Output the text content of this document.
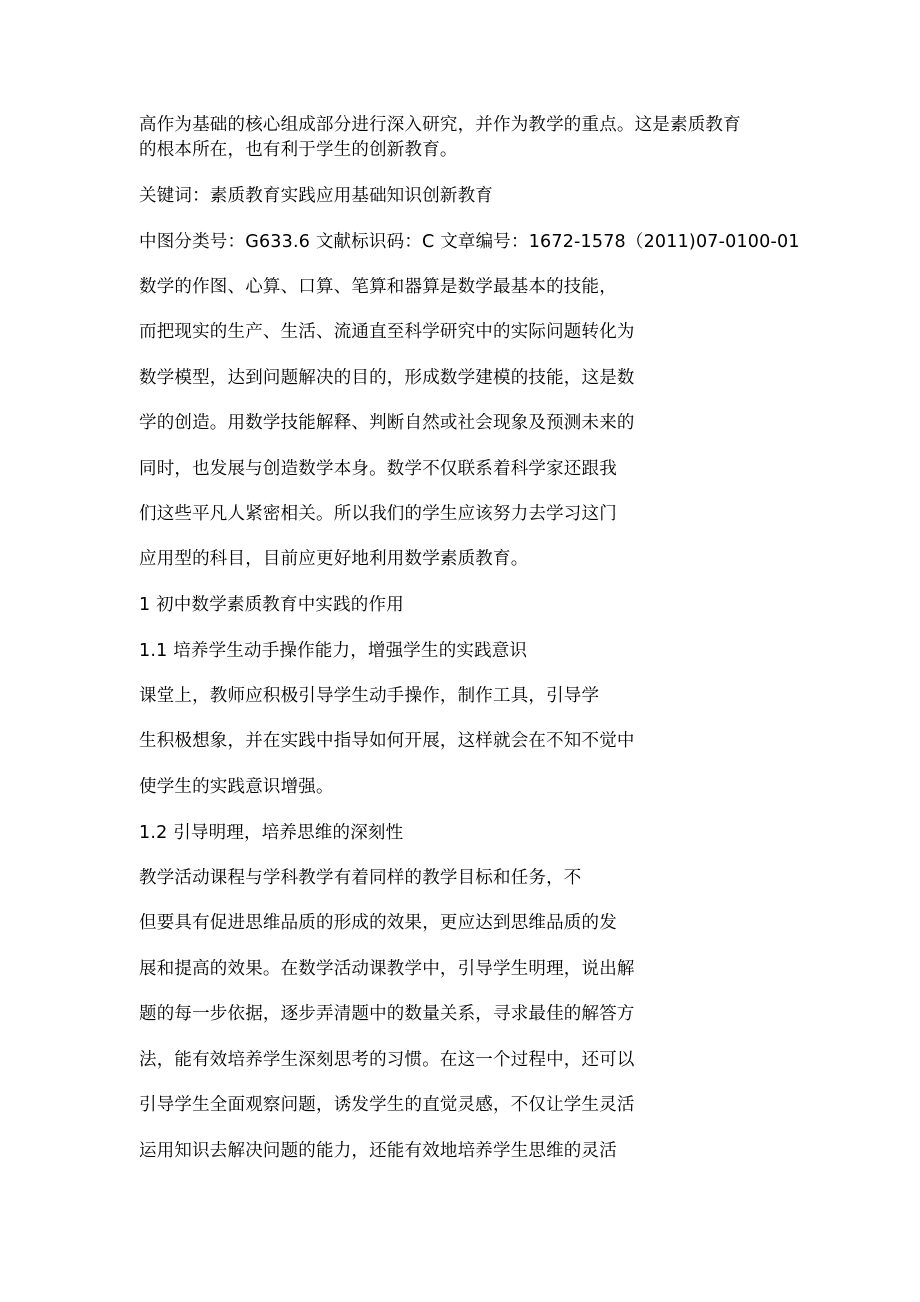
高作为基础的核心组成部分进行深入研究，并作为教学的重点。这是素质教育

的根本所在，也有利于学生的创新教育。

关键词：素质教育实践应用基础知识创新教育

中图分类号：G633.6 文献标识码：C 文章编号：1672-1578（2011)07-0100-01

数学的作图、心算、口算、笔算和器算是数学最基本的技能，

而把现实的生产、生活、流通直至科学研究中的实际问题转化为

数学模型，达到问题解决的目的，形成数学建模的技能，这是数

学的创造。用数学技能解释、判断自然或社会现象及预测未来的

同时，也发展与创造数学本身。数学不仅联系着科学家还跟我

们这些平凡人紧密相关。所以我们的学生应该努力去学习这门

应用型的科目，目前应更好地利用数学素质教育。

1 初中数学素质教育中实践的作用

1.1 培养学生动手操作能力，增强学生的实践意识

课堂上，教师应积极引导学生动手操作，制作工具，引导学

生积极想象，并在实践中指导如何开展，这样就会在不知不觉中

使学生的实践意识增强。

1.2 引导明理，培养思维的深刻性

教学活动课程与学科教学有着同样的教学目标和任务，不

但要具有促进思维品质的形成的效果，更应达到思维品质的发

展和提高的效果。在数学活动课教学中，引导学生明理，说出解

题的每一步依据，逐步弄清题中的数量关系，寻求最佳的解答方

法，能有效培养学生深刻思考的习惯。在这一个过程中，还可以

引导学生全面观察问题，诱发学生的直觉灵感，不仅让学生灵活

运用知识去解决问题的能力，还能有效地培养学生思维的灵活
